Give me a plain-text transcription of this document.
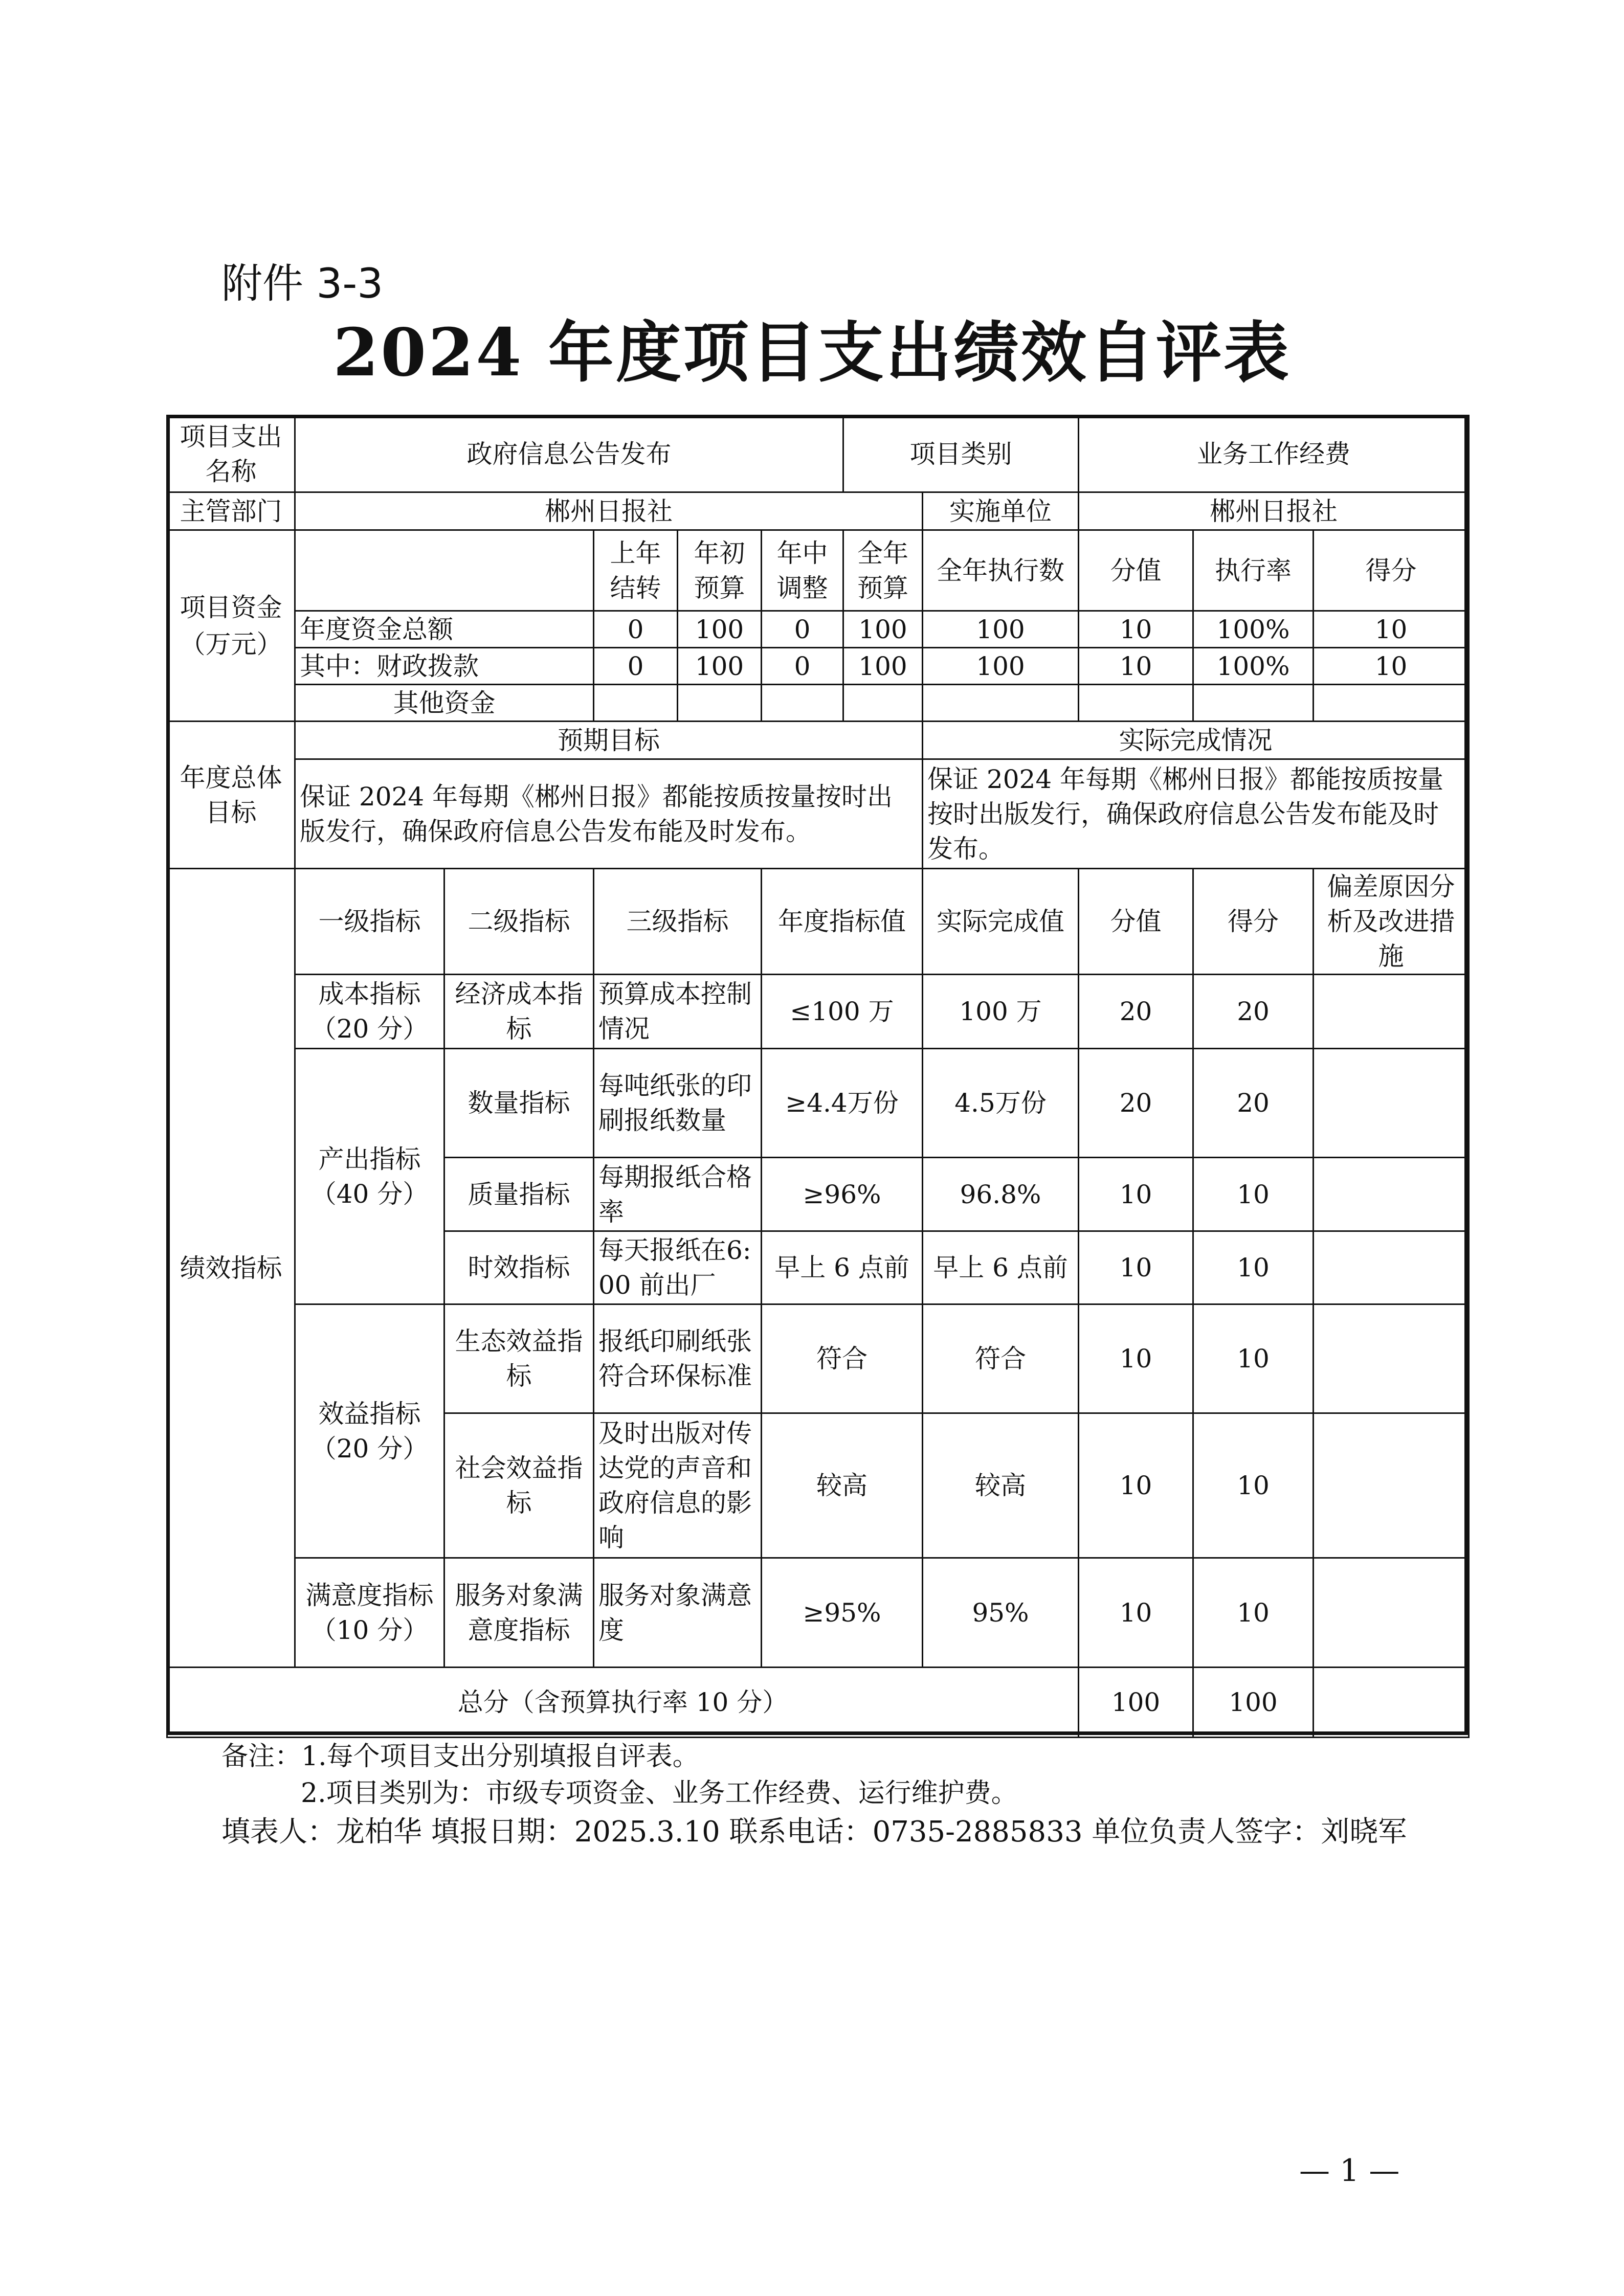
附件 3-3
2024 年度项目支出绩效自评表
项目支出名称	政府信息公告发布					项目类别		业务工作经费		
主管部门	郴州日报社						实施单位	郴州日报社		
项目资金（万元）			上年结转	年初预算	年中调整	全年预算	全年执行数	分值	执行率	得分
	年度资金总额		0	100	0	100	100	10	100%	10
	其中：财政拨款		0	100	0	100	100	10	100%	10
	其他资金									
年度总体目标	预期目标						实际完成情况			
	保证 2024 年每期《郴州日报》都能按质按量按时出版发行，确保政府信息公告发布能及时发布。						保证 2024 年每期《郴州日报》都能按质按量按时出版发行，确保政府信息公告发布能及时发布。			
绩效指标	一级指标	二级指标	三级指标		年度指标值		实际完成值	分值	得分	偏差原因分析及改进措施
	成本指标（20 分）	经济成本指标	预算成本控制情况		≤100 万		100 万	20	20	
	产出指标（40 分）	数量指标	每吨纸张的印刷报纸数量		≥4.4万份		4.5万份	20	20	
		质量指标	每期报纸合格率		≥96%		96.8%	10	10	
		时效指标	每天报纸在6:00 前出厂		早上 6 点前		早上 6 点前	10	10	
	效益指标（20 分）	生态效益指标	报纸印刷纸张符合环保标准		符合		符合	10	10	
		社会效益指标	及时出版对传达党的声音和政府信息的影响		较高		较高	10	10	
	满意度指标（10 分）	服务对象满意度指标	服务对象满意度		≥95%		95%	10	10	
总分（含预算执行率 10 分）								100	100	
备注：1.每个项目支出分别填报自评表。
2.项目类别为：市级专项资金、业务工作经费、运行维护费。
填表人：龙柏华 填报日期：2025.3.10 联系电话：0735-2885833 单位负责人签字：刘晓军
— 1 —
